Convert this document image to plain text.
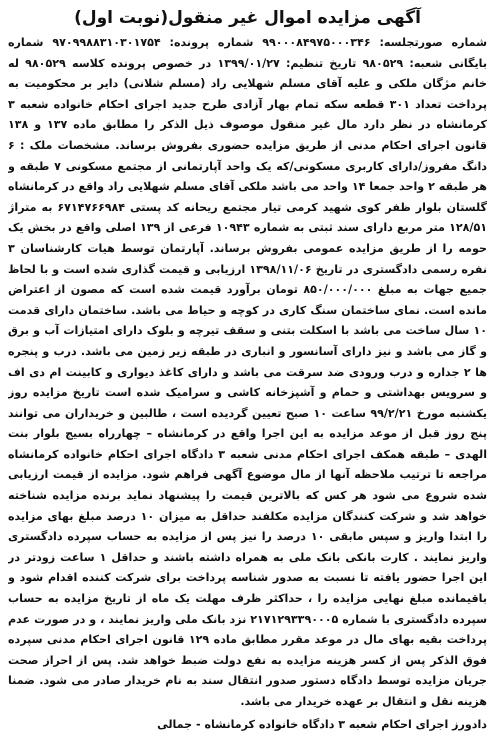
آگهی مزایده اموال غیر منقول(نوبت اول)

شماره صورتجلسه: ۹۹۰۰۰۸۴۹۷۵۰۰۰۳۴۶ شماره پرونده: ۹۷۰۹۹۸۸۳۱۰۳۰۱۷۵۴ شماره بایگانی شعبه: ۹۸۰۵۲۹ تاریخ تنظیم: ۱۳۹۹/۰۱/۲۷ در خصوص پرونده کلاسه ۹۸۰۵۲۹ له خانم مژگان ملکی و علیه آقای مسلم شهلایی راد (مسلم شلانی) دایر بر محکومیت به پرداخت تعداد ۳۰۱ قطعه سکه تمام بهار آزادی طرح جدید اجرای احکام خانواده شعبه ۳ کرمانشاه در نظر دارد مال غیر منقول موصوف ذیل الذکر را مطابق ماده ۱۳۷ و ۱۳۸ قانون اجرای احکام مدنی از طریق مزایده حضوری بفروش برساند. مشخصات ملک : ۶ دانگ مفروز/دارای کاربری مسکونی/که یک واحد آپارتمانی از مجتمع مسکونی ۷ طبقه و هر طبقه ۲ واحد جمعا ۱۴ واحد می باشد ملکی آقای مسلم شهلایی راد واقع در کرمانشاه گلستان بلوار ظفر کوی شهید کرمی تیار مجتمع ریحانه کد پستی ۶۷۱۴۷۶۶۹۸۴ به متراژ ۱۲۸/۵۱ متر مربع دارای سند ثبتی به شماره ۱۰۹۴۳ فرعی از ۱۳۹ اصلی واقع در بخش یک حومه را از طریق مزایده عمومی بفروش برساند. آپارتمان توسط هیات کارشناسان ۳ نفره رسمی دادگستری در تاریخ ۱۳۹۸/۱۱/۰۶ ارزیابی و قیمت گذاری شده است و با لحاظ جمیع جهات به مبلغ ۸۵۰/۰۰۰/۰۰۰ تومان برآورد قیمت شده است که مصون از اعتراض مانده است. نمای ساختمان سنگ کاری در کوچه و حیاط می باشد. ساختمان دارای قدمت ۱۰ سال ساخت می باشد با اسکلت بتنی و سقف تیرچه و بلوک دارای امتیازات آب و برق و گاز می باشد و نیز دارای آسانسور و انباری در طبقه زیر زمین می باشد. درب و پنجره ها ۲ جداره و درب ورودی ضد سرقت می باشد و دارای کاغذ دیواری و کابینت ام دی اف و سرویس بهداشتی و حمام و آشپزخانه کاشی و سرامیک شده است تاریخ مزایده روز یکشنبه مورخ ۹۹/۲/۲۱ ساعت ۱۰ صبح تعیین گردیده است ، طالبین و خریداران می توانند پنج روز قبل از موعد مزایده به این اجرا واقع در کرمانشاه – چهارراه بسیج بلوار بنت الهدی – طبقه همکف اجرای احکام مدنی شعبه ۳ دادگاه اجرای احکام خانواده کرمانشاه مراجعه تا ترتیب ملاحظه آنها از مال موضوع آگهی فراهم شود. مزایده از قیمت ارزیابی شده شروع می شود هر کس که بالاترین قیمت را پیشنهاد نماید برنده مزایده شناخته خواهد شد و شرکت کنندگان مزایده مکلفند حداقل به میزان ۱۰ درصد مبلغ بهای مزایده را ابتدا واریز و سپس مابقی ۱۰ درصد را نیز پس از مزایده به حساب سپرده دادگستری واریز نمایند . کارت بانکی بانک ملی به همراه داشته باشند و حداقل ۱ ساعت زودتر در این اجرا حضور یافته تا نسبت به صدور شناسه پرداخت برای شرکت کننده اقدام شود و باقیمانده مبلغ نهایی مزایده را ، حداکثر ظرف مهلت یک ماه از تاریخ مزایده به حساب سپرده دادگستری با شماره ۲۱۷۱۲۹۳۳۹۰۰۰۵ نزد بانک ملی واریز نمایند ، و در صورت عدم پرداخت بقیه بهای مال در موعد مقرر مطابق ماده ۱۲۹ قانون اجرای احکام مدنی سپرده فوق الذکر پس از کسر هزینه مزایده به نفع دولت ضبط خواهد شد. پس از احراز صحت جریان مزایده توسط دادگاه دستور صدور انتقال سند به نام خریدار صادر می شود. ضمنا هزینه نقل و انتقال بر عهده خریدار می باشد.

دادورز اجرای احکام شعبه ۳ دادگاه خانواده کرمانشاه - جمالی
